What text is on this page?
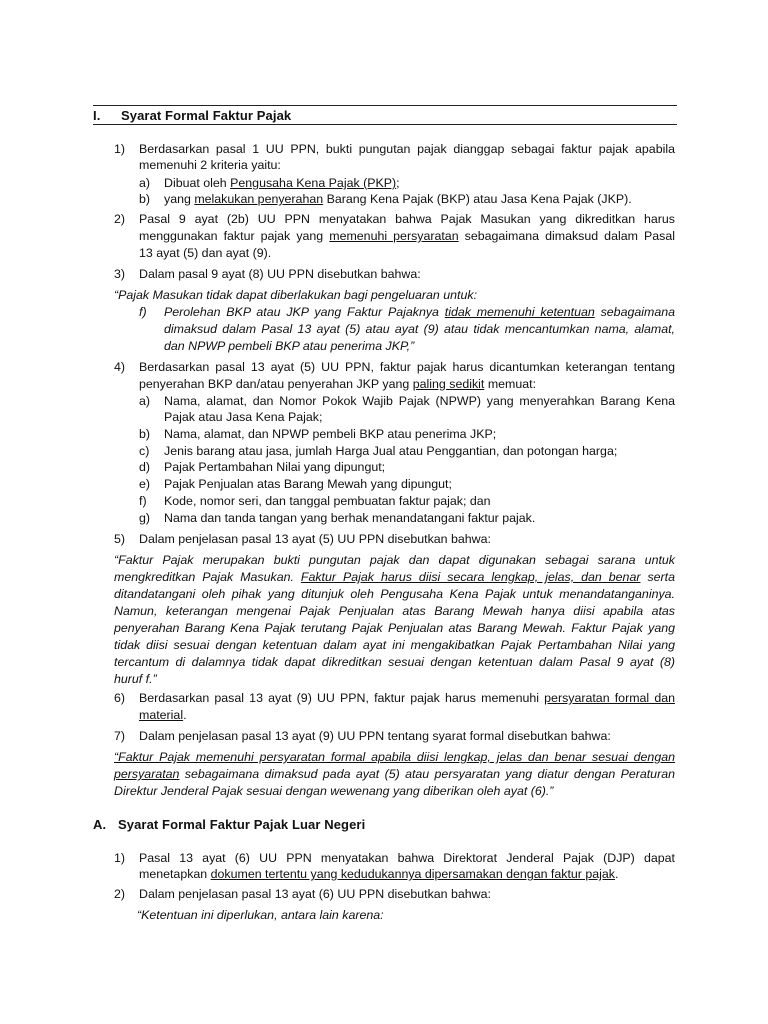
I. Syarat Formal Faktur Pajak
1) Berdasarkan pasal 1 UU PPN, bukti pungutan pajak dianggap sebagai faktur pajak apabila
memenuhi 2 kriteria yaitu:
a) Dibuat oleh Pengusaha Kena Pajak (PKP);
b) yang melakukan penyerahan Barang Kena Pajak (BKP) atau Jasa Kena Pajak (JKP).
2) Pasal 9 ayat (2b) UU PPN menyatakan bahwa Pajak Masukan yang dikreditkan harus
menggunakan faktur pajak yang memenuhi persyaratan sebagaimana dimaksud dalam Pasal
13 ayat (5) dan ayat (9).
3) Dalam pasal 9 ayat (8) UU PPN disebutkan bahwa:
“Pajak Masukan tidak dapat diberlakukan bagi pengeluaran untuk:
f) Perolehan BKP atau JKP yang Faktur Pajaknya tidak memenuhi ketentuan sebagaimana
dimaksud dalam Pasal 13 ayat (5) atau ayat (9) atau tidak mencantumkan nama, alamat,
dan NPWP pembeli BKP atau penerima JKP,”
4) Berdasarkan pasal 13 ayat (5) UU PPN, faktur pajak harus dicantumkan keterangan tentang
penyerahan BKP dan/atau penyerahan JKP yang paling sedikit memuat:
a) Nama, alamat, dan Nomor Pokok Wajib Pajak (NPWP) yang menyerahkan Barang Kena
Pajak atau Jasa Kena Pajak;
b) Nama, alamat, dan NPWP pembeli BKP atau penerima JKP;
c) Jenis barang atau jasa, jumlah Harga Jual atau Penggantian, dan potongan harga;
d) Pajak Pertambahan Nilai yang dipungut;
e) Pajak Penjualan atas Barang Mewah yang dipungut;
f) Kode, nomor seri, dan tanggal pembuatan faktur pajak; dan
g) Nama dan tanda tangan yang berhak menandatangani faktur pajak.
5) Dalam penjelasan pasal 13 ayat (5) UU PPN disebutkan bahwa:
“Faktur Pajak merupakan bukti pungutan pajak dan dapat digunakan sebagai sarana untuk
mengkreditkan Pajak Masukan. Faktur Pajak harus diisi secara lengkap, jelas, dan benar serta
ditandatangani oleh pihak yang ditunjuk oleh Pengusaha Kena Pajak untuk menandatanganinya.
Namun, keterangan mengenai Pajak Penjualan atas Barang Mewah hanya diisi apabila atas
penyerahan Barang Kena Pajak terutang Pajak Penjualan atas Barang Mewah. Faktur Pajak yang
tidak diisi sesuai dengan ketentuan dalam ayat ini mengakibatkan Pajak Pertambahan Nilai yang
tercantum di dalamnya tidak dapat dikreditkan sesuai dengan ketentuan dalam Pasal 9 ayat (8)
huruf f.”
6) Berdasarkan pasal 13 ayat (9) UU PPN, faktur pajak harus memenuhi persyaratan formal dan
material.
7) Dalam penjelasan pasal 13 ayat (9) UU PPN tentang syarat formal disebutkan bahwa:
“Faktur Pajak memenuhi persyaratan formal apabila diisi lengkap, jelas dan benar sesuai dengan
persyaratan sebagaimana dimaksud pada ayat (5) atau persyaratan yang diatur dengan Peraturan
Direktur Jenderal Pajak sesuai dengan wewenang yang diberikan oleh ayat (6).”
A. Syarat Formal Faktur Pajak Luar Negeri
1) Pasal 13 ayat (6) UU PPN menyatakan bahwa Direktorat Jenderal Pajak (DJP) dapat
menetapkan dokumen tertentu yang kedudukannya dipersamakan dengan faktur pajak.
2) Dalam penjelasan pasal 13 ayat (6) UU PPN disebutkan bahwa:
“Ketentuan ini diperlukan, antara lain karena:
